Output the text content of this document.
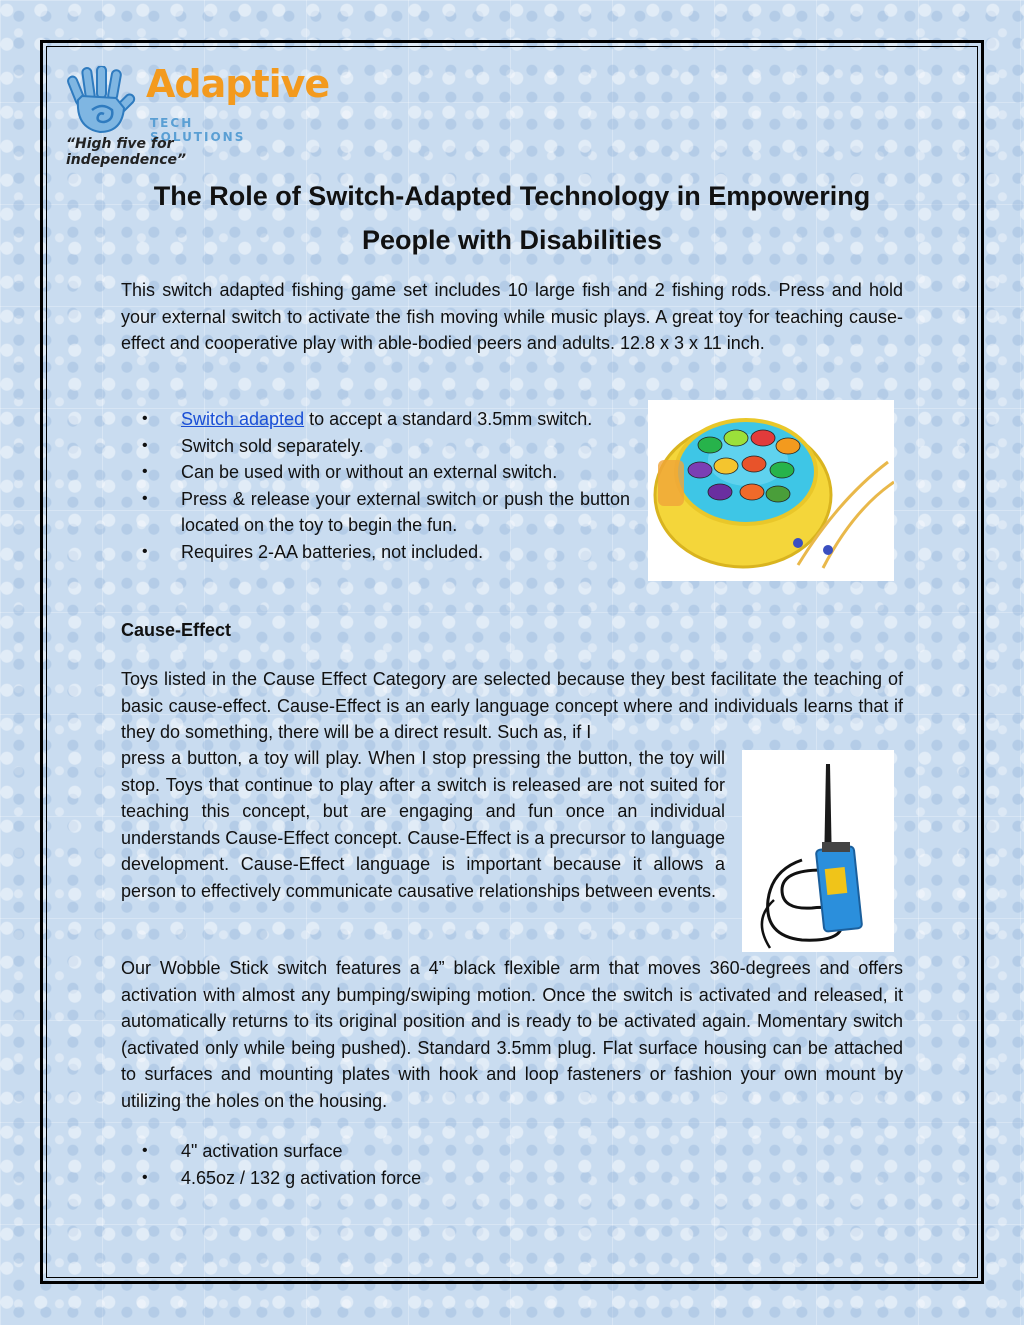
Adaptive
TECH SOLUTIONS
“High five for independence”
The Role of Switch-Adapted Technology in Empowering
People with Disabilities

This switch adapted fishing game set includes 10 large fish and 2 fishing rods. Press and hold your external switch to activate the fish moving while music plays. A great toy for teaching cause-effect and cooperative play with able-bodied peers and adults. 12.8 x 3 x 11 inch.

• Switch adapted to accept a standard 3.5mm switch.
• Switch sold separately.
• Can be used with or without an external switch.
• Press & release your external switch or push the button located on the toy to begin the fun.
• Requires 2-AA batteries, not included.
Cause-Effect

Toys listed in the Cause Effect Category are selected because they best facilitate the teaching of basic cause-effect. Cause-Effect is an early language concept where and individuals learns that if they do something, there will be a direct result. Such as, if I

press a button, a toy will play. When I stop pressing the button, the toy will stop. Toys that continue to play after a switch is released are not suited for teaching this concept, but are engaging and fun once an individual understands Cause-Effect concept. Cause-Effect is a precursor to language development. Cause-Effect language is important because it allows a person to effectively communicate causative relationships between events.

Our Wobble Stick switch features a 4” black flexible arm that moves 360-degrees and offers activation with almost any bumping/swiping motion. Once the switch is activated and released, it automatically returns to its original position and is ready to be activated again. Momentary switch (activated only while being pushed). Standard 3.5mm plug. Flat surface housing can be attached to surfaces and mounting plates with hook and loop fasteners or fashion your own mount by utilizing the holes on the housing.

• 4" activation surface
• 4.65oz / 132 g activation force
